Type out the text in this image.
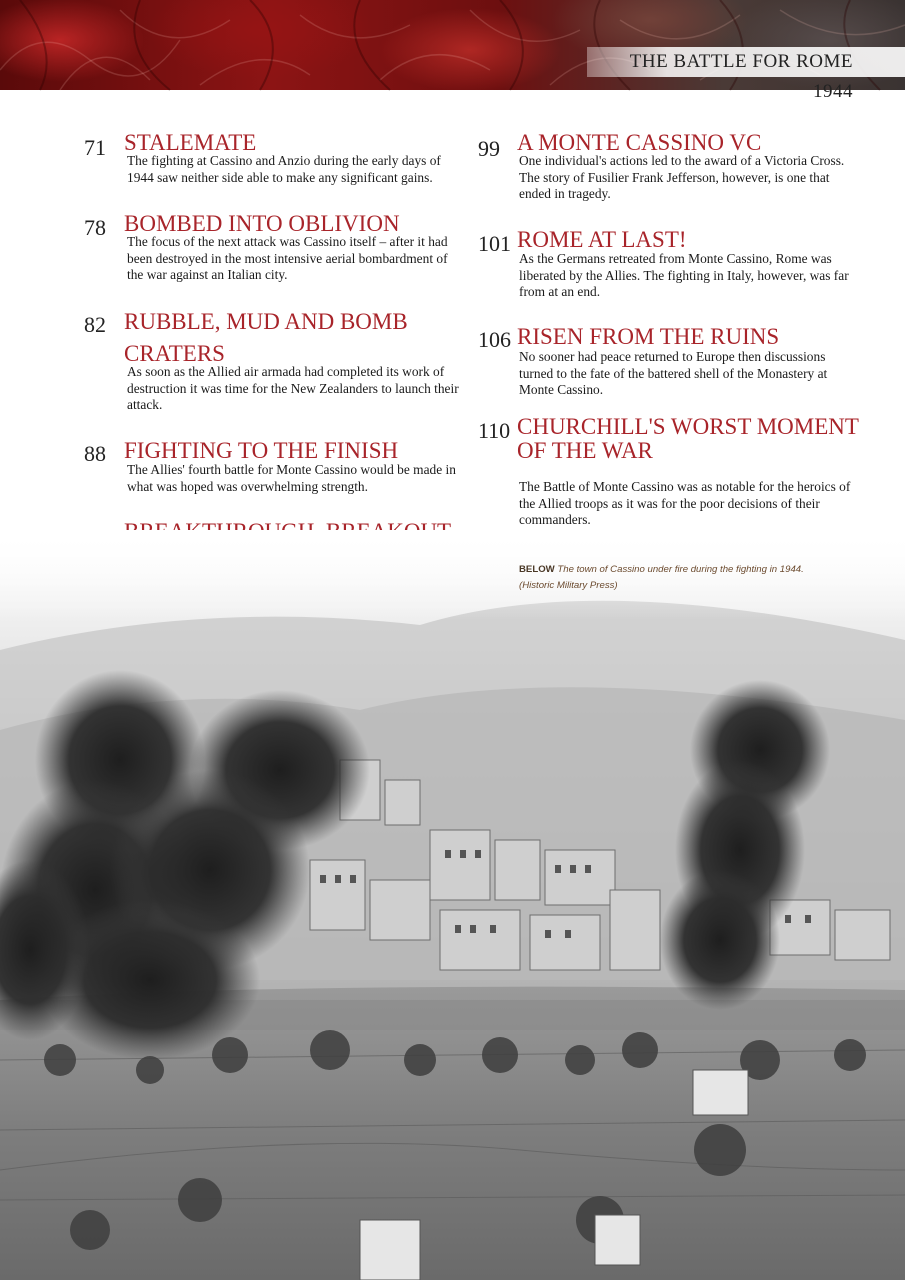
THE BATTLE FOR ROME 1944
71 STALEMATE
The fighting at Cassino and Anzio during the early days of 1944 saw neither side able to make any significant gains.
78 BOMBED INTO OBLIVION
The focus of the next attack was Cassino itself – after it had been destroyed in the most intensive aerial bombardment of the war against an Italian city.
82 RUBBLE, MUD AND BOMB
CRATERS
As soon as the Allied air armada had completed its work of destruction it was time for the New Zealanders to launch their attack.
88 FIGHTING TO THE FINISH
The Allies' fourth battle for Monte Cassino would be made in what was hoped was overwhelming strength.
99 A MONTE CASSINO VC
One individual's actions led to the award of a Victoria Cross. The story of Fusilier Frank Jefferson, however, is one that ended in tragedy.
101 ROME AT LAST!
As the Germans retreated from Monte Cassino, Rome was liberated by the Allies. The fighting in Italy, however, was far from at an end.
106 RISEN FROM THE RUINS
No sooner had peace returned to Europe then discussions turned to the fate of the battered shell of the Monastery at Monte Cassino.
110 CHURCHILL'S WORST MOMENT
OF THE WAR
The Battle of Monte Cassino was as notable for the heroics of the Allied troops as it was for the poor decisions of their commanders.
BELOW The town of Cassino under fire during the fighting in 1944.
(Historic Military Press)
